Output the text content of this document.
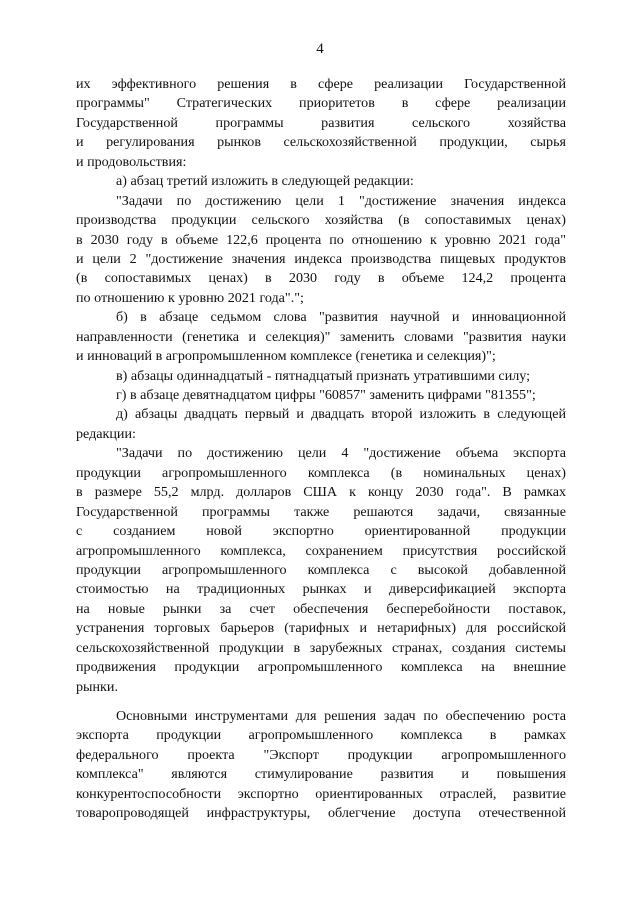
4
их эффективного решения в сфере реализации Государственной
программы" Стратегических приоритетов в сфере реализации
Государственной программы развития сельского хозяйства
и регулирования рынков сельскохозяйственной продукции, сырья
и продовольствия:
а) абзац третий изложить в следующей редакции:
"Задачи по достижению цели 1 "достижение значения индекса
производства продукции сельского хозяйства (в сопоставимых ценах)
в 2030 году в объеме 122,6 процента по отношению к уровню 2021 года"
и цели 2 "достижение значения индекса производства пищевых продуктов
(в сопоставимых ценах) в 2030 году в объеме 124,2 процента
по отношению к уровню 2021 года".";
б) в абзаце седьмом слова "развития научной и инновационной
направленности (генетика и селекция)" заменить словами "развития науки
и инноваций в агропромышленном комплексе (генетика и селекция)";
в) абзацы одиннадцатый - пятнадцатый признать утратившими силу;
г) в абзаце девятнадцатом цифры "60857" заменить цифрами "81355";
д) абзацы двадцать первый и двадцать второй изложить в следующей
редакции:
"Задачи по достижению цели 4 "достижение объема экспорта
продукции агропромышленного комплекса (в номинальных ценах)
в размере 55,2 млрд. долларов США к концу 2030 года". В рамках
Государственной программы также решаются задачи, связанные
с созданием новой экспортно ориентированной продукции
агропромышленного комплекса, сохранением присутствия российской
продукции агропромышленного комплекса с высокой добавленной
стоимостью на традиционных рынках и диверсификацией экспорта
на новые рынки за счет обеспечения бесперебойности поставок,
устранения торговых барьеров (тарифных и нетарифных) для российской
сельскохозяйственной продукции в зарубежных странах, создания системы
продвижения продукции агропромышленного комплекса на внешние
рынки.
Основными инструментами для решения задач по обеспечению роста
экспорта продукции агропромышленного комплекса в рамках
федерального проекта "Экспорт продукции агропромышленного
комплекса" являются стимулирование развития и повышения
конкурентоспособности экспортно ориентированных отраслей, развитие
товаропроводящей инфраструктуры, облегчение доступа отечественной
